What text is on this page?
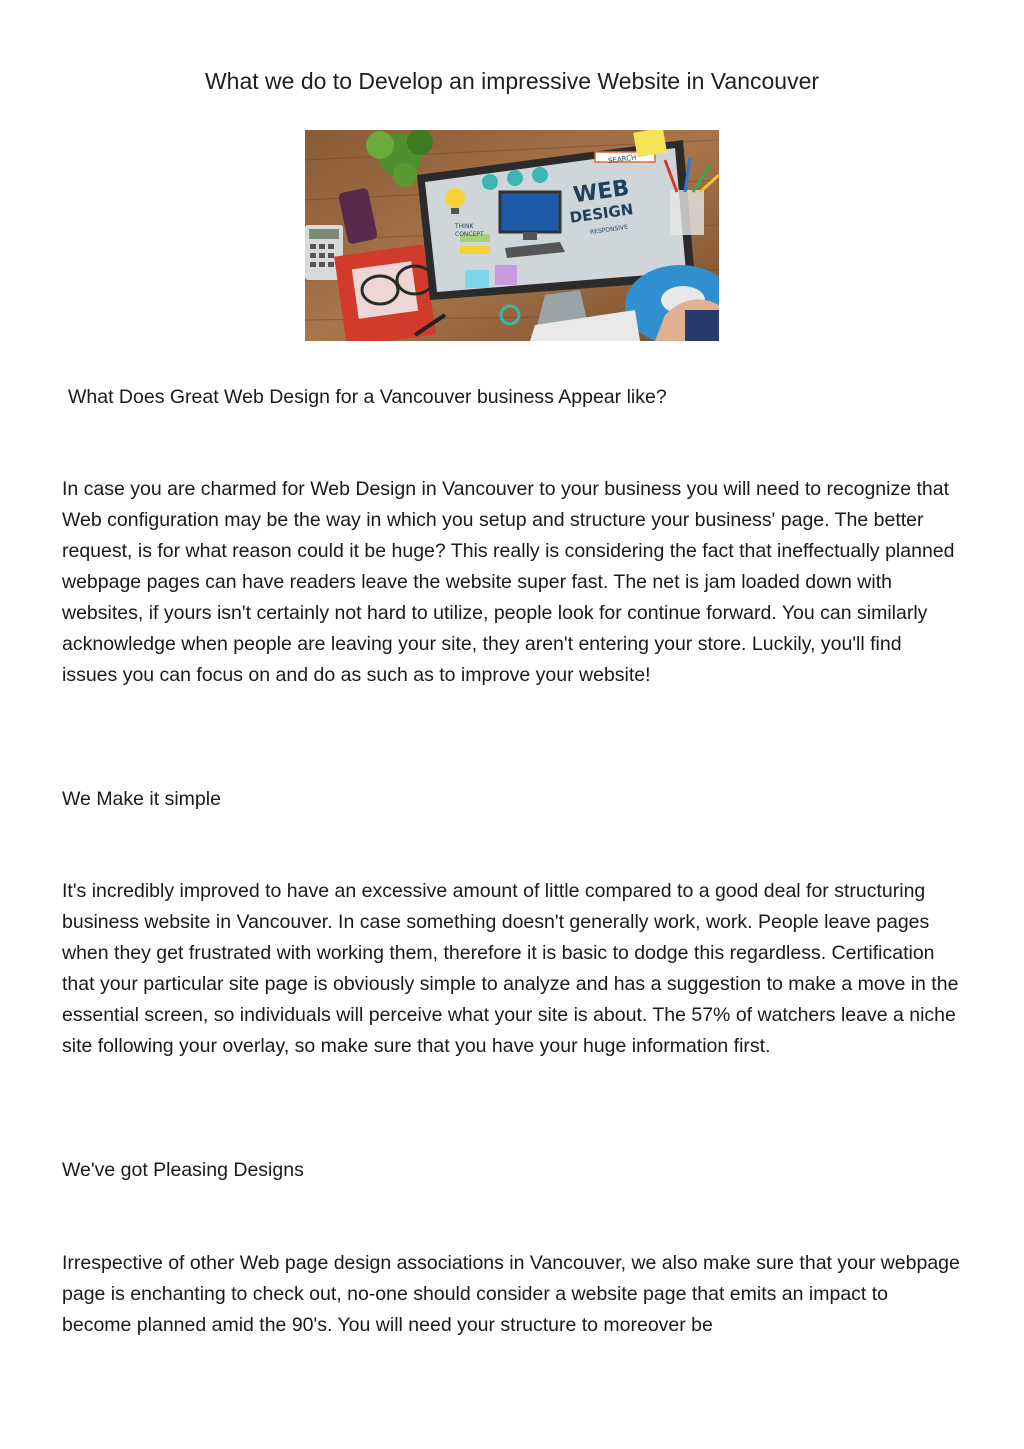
What we do to Develop an impressive Website in Vancouver
WEB
DESIGN
SEARCH
RESPONSIVE
THINK
CONCEPT
What Does Great Web Design for a Vancouver business Appear like?
In case you are charmed for Web Design in Vancouver to your business you will need to recognize that Web configuration may be the way in which you setup and structure your business' page. The better request, is for what reason could it be huge? This really is considering the fact that ineffectually planned webpage pages can have readers leave the website super fast. The net is jam loaded down with websites, if yours isn't certainly not hard to utilize, people look for continue forward. You can similarly acknowledge when people are leaving your site, they aren't entering your store. Luckily, you'll find issues you can focus on and do as such as to improve your website!
We Make it simple
It's incredibly improved to have an excessive amount of little compared to a good deal for structuring business website in Vancouver. In case something doesn't generally work, work. People leave pages when they get frustrated with working them, therefore it is basic to dodge this regardless. Certification that your particular site page is obviously simple to analyze and has a suggestion to make a move in the essential screen, so individuals will perceive what your site is about. The 57% of watchers leave a niche site following your overlay, so make sure that you have your huge information first.
We've got Pleasing Designs
Irrespective of other Web page design associations in Vancouver, we also make sure that your webpage page is enchanting to check out, no-one should consider a website page that emits an impact to become planned amid the 90's. You will need your structure to moreover be
